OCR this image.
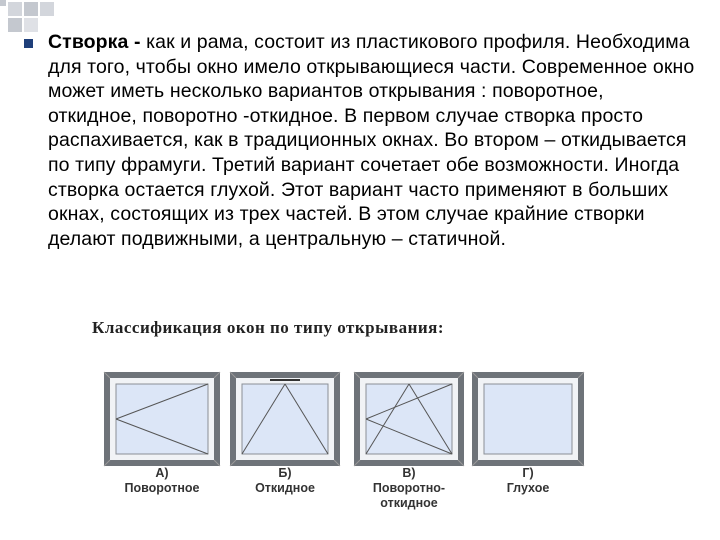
Створка - как и рама, состоит из пластикового профиля. Необходима для того, чтобы окно имело открывающиеся части. Современное окно может иметь несколько вариантов открывания : поворотное, откидное, поворотно -откидное. В первом случае створка просто распахивается, как в традиционных окнах. Во втором – откидывается по типу фрамуги. Третий вариант сочетает обе возможности. Иногда створка остается глухой. Этот вариант часто применяют в больших окнах, состоящих из трех частей. В этом случае крайние створки делают подвижными, а центральную – статичной.
Классификация окон по типу открывания:
А)
Поворотное
Б)
Откидное
В)
Поворотно-
откидное
Г)
Глухое
